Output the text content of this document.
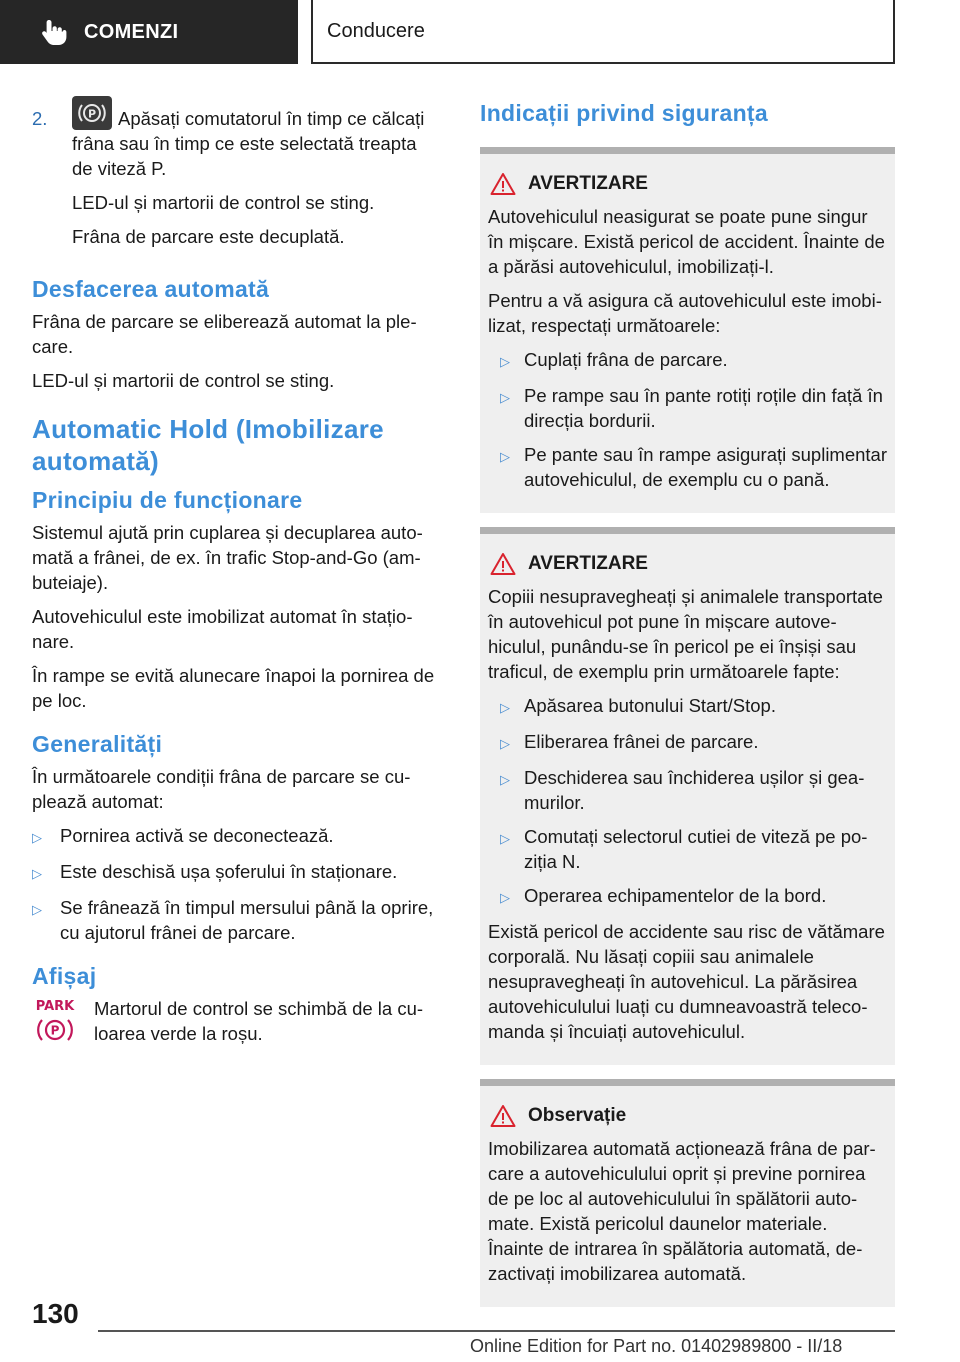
COMENZI	Conducere
2.	P Apăsați comutatorul în timp ce călcați frâna sau în timp ce este selectată treapta de viteză P.

LED-ul și martorii de control se sting.

Frâna de parcare este decuplată.

Desfacerea automată

Frâna de parcare se eliberează automat la plecare.

LED-ul și martorii de control se sting.

Automatic Hold (Imobilizare automată)
Principiu de funcționare

Sistemul ajută prin cuplarea și decuplarea automată a frânei, de ex. în trafic Stop-and-Go (ambuteiaje).

Autovehiculul este imobilizat automat în staționare.

În rampe se evită alunecare înapoi la pornirea de pe loc.

Generalități

În următoarele condiții frâna de parcare se cuplează automat:

▷ Pornirea activă se deconectează.
▷ Este deschisă ușa șoferului în staționare.
▷ Se frânează în timpul mersului până la oprire, cu ajutorul frânei de parcare.
Afișaj
PARK
P

Martorul de control se schimbă de la culoarea verde la roșu.

Indicații privind siguranța
AVERTIZARE

Autovehiculul neasigurat se poate pune singur în mișcare. Există pericol de accident. Înainte de a părăsi autovehiculul, imobilizați-l.

Pentru a vă asigura că autovehiculul este imobilizat, respectați următoarele:

▷ Cuplați frâna de parcare.
▷ Pe rampe sau în pante rotiți roțile din față în direcția bordurii.
▷ Pe pante sau în rampe asigurați suplimentar autovehiculul, de exemplu cu o pană.
AVERTIZARE

Copiii nesupravegheați și animalele transportate în autovehicul pot pune în mișcare autovehiculul, punându-se în pericol pe ei înșiși sau traficul, de exemplu prin următoarele fapte:

▷ Apăsarea butonului Start/Stop.
▷ Eliberarea frânei de parcare.
▷ Deschiderea sau închiderea ușilor și geamurilor.
▷ Comutați selectorul cutiei de viteză pe poziția N.
▷ Operarea echipamentelor de la bord.

Există pericol de accidente sau risc de vătămare corporală. Nu lăsați copiii sau animalele nesupravegheați în autovehicul. La părăsirea autovehiculului luați cu dumneavoastră telecomanda și încuiați autovehiculul.

Observație

Imobilizarea automată acționează frâna de parcare a autovehiculului oprit și previne pornirea de pe loc al autovehiculului în spălătorii automate. Există pericolul daunelor materiale. Înainte de intrarea în spălătoria automată, dezactivați imobilizarea automată.

130
Online Edition for Part no. 01402989800 - II/18
